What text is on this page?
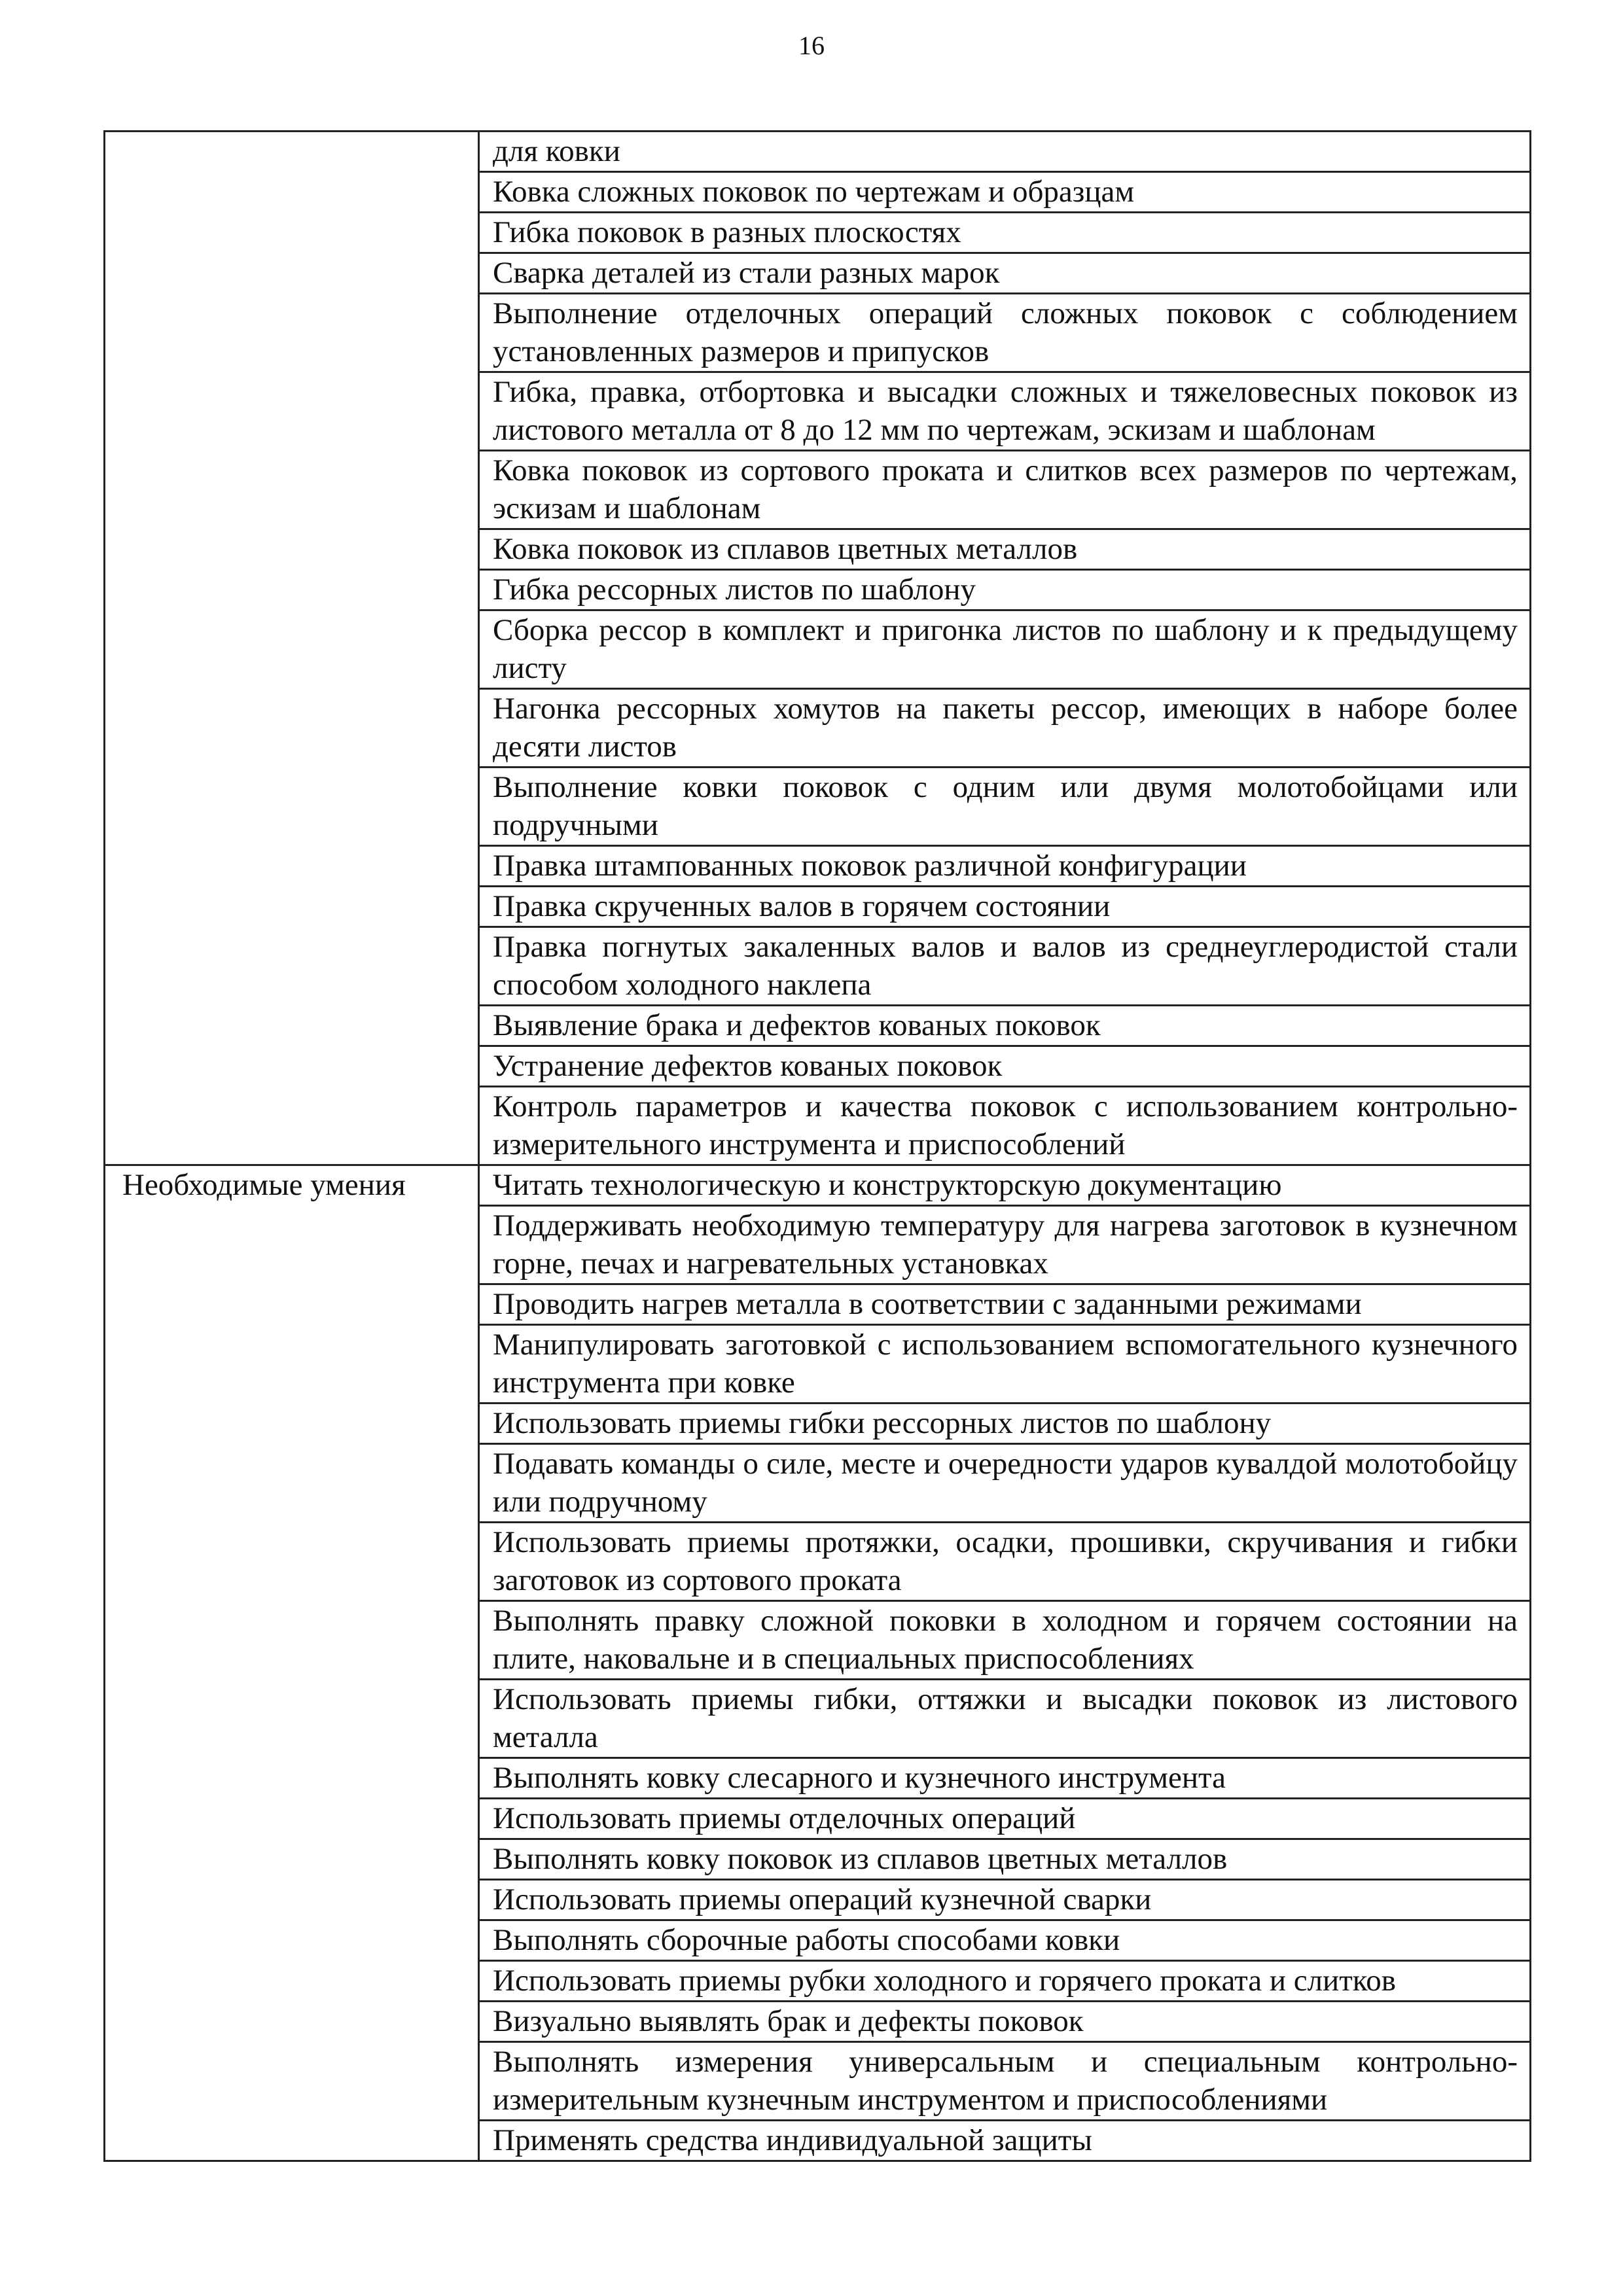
16
	для ковки
	Ковка сложных поковок по чертежам и образцам
	Гибка поковок в разных плоскостях
	Сварка деталей из стали разных марок
	Выполнение отделочных операций сложных поковок с соблюдением установленных размеров и припусков
	Гибка, правка, отбортовка и высадки сложных и тяжеловесных поковок из листового металла от 8 до 12 мм по чертежам, эскизам и шаблонам
	Ковка поковок из сортового проката и слитков всех размеров по чертежам, эскизам и шаблонам
	Ковка поковок из сплавов цветных металлов
	Гибка рессорных листов по шаблону
	Сборка рессор в комплект и пригонка листов по шаблону и к предыдущему листу
	Нагонка рессорных хомутов на пакеты рессор, имеющих в наборе более десяти листов
	Выполнение ковки поковок с одним или двумя молотобойцами или подручными
	Правка штампованных поковок различной конфигурации
	Правка скрученных валов в горячем состоянии
	Правка погнутых закаленных валов и валов из среднеуглеродистой стали способом холодного наклепа
	Выявление брака и дефектов кованых поковок
	Устранение дефектов кованых поковок
	Контроль параметров и качества поковок с использованием контрольно-измерительного инструмента и приспособлений
Необходимые умения	Читать технологическую и конструкторскую документацию
	Поддерживать необходимую температуру для нагрева заготовок в кузнечном горне, печах и нагревательных установках
	Проводить нагрев металла в соответствии с заданными режимами
	Манипулировать заготовкой с использованием вспомогательного кузнечного инструмента при ковке
	Использовать приемы гибки рессорных листов по шаблону
	Подавать команды о силе, месте и очередности ударов кувалдой молотобойцу или подручному
	Использовать приемы протяжки, осадки, прошивки, скручивания и гибки заготовок из сортового проката
	Выполнять правку сложной поковки в холодном и горячем состоянии на плите, наковальне и в специальных приспособлениях
	Использовать приемы гибки, оттяжки и высадки поковок из листового металла
	Выполнять ковку слесарного и кузнечного инструмента
	Использовать приемы отделочных операций
	Выполнять ковку поковок из сплавов цветных металлов
	Использовать приемы операций кузнечной сварки
	Выполнять сборочные работы способами ковки
	Использовать приемы рубки холодного и горячего проката и слитков
	Визуально выявлять брак и дефекты поковок
	Выполнять измерения универсальным и специальным контрольно-измерительным кузнечным инструментом и приспособлениями
	Применять средства индивидуальной защиты
